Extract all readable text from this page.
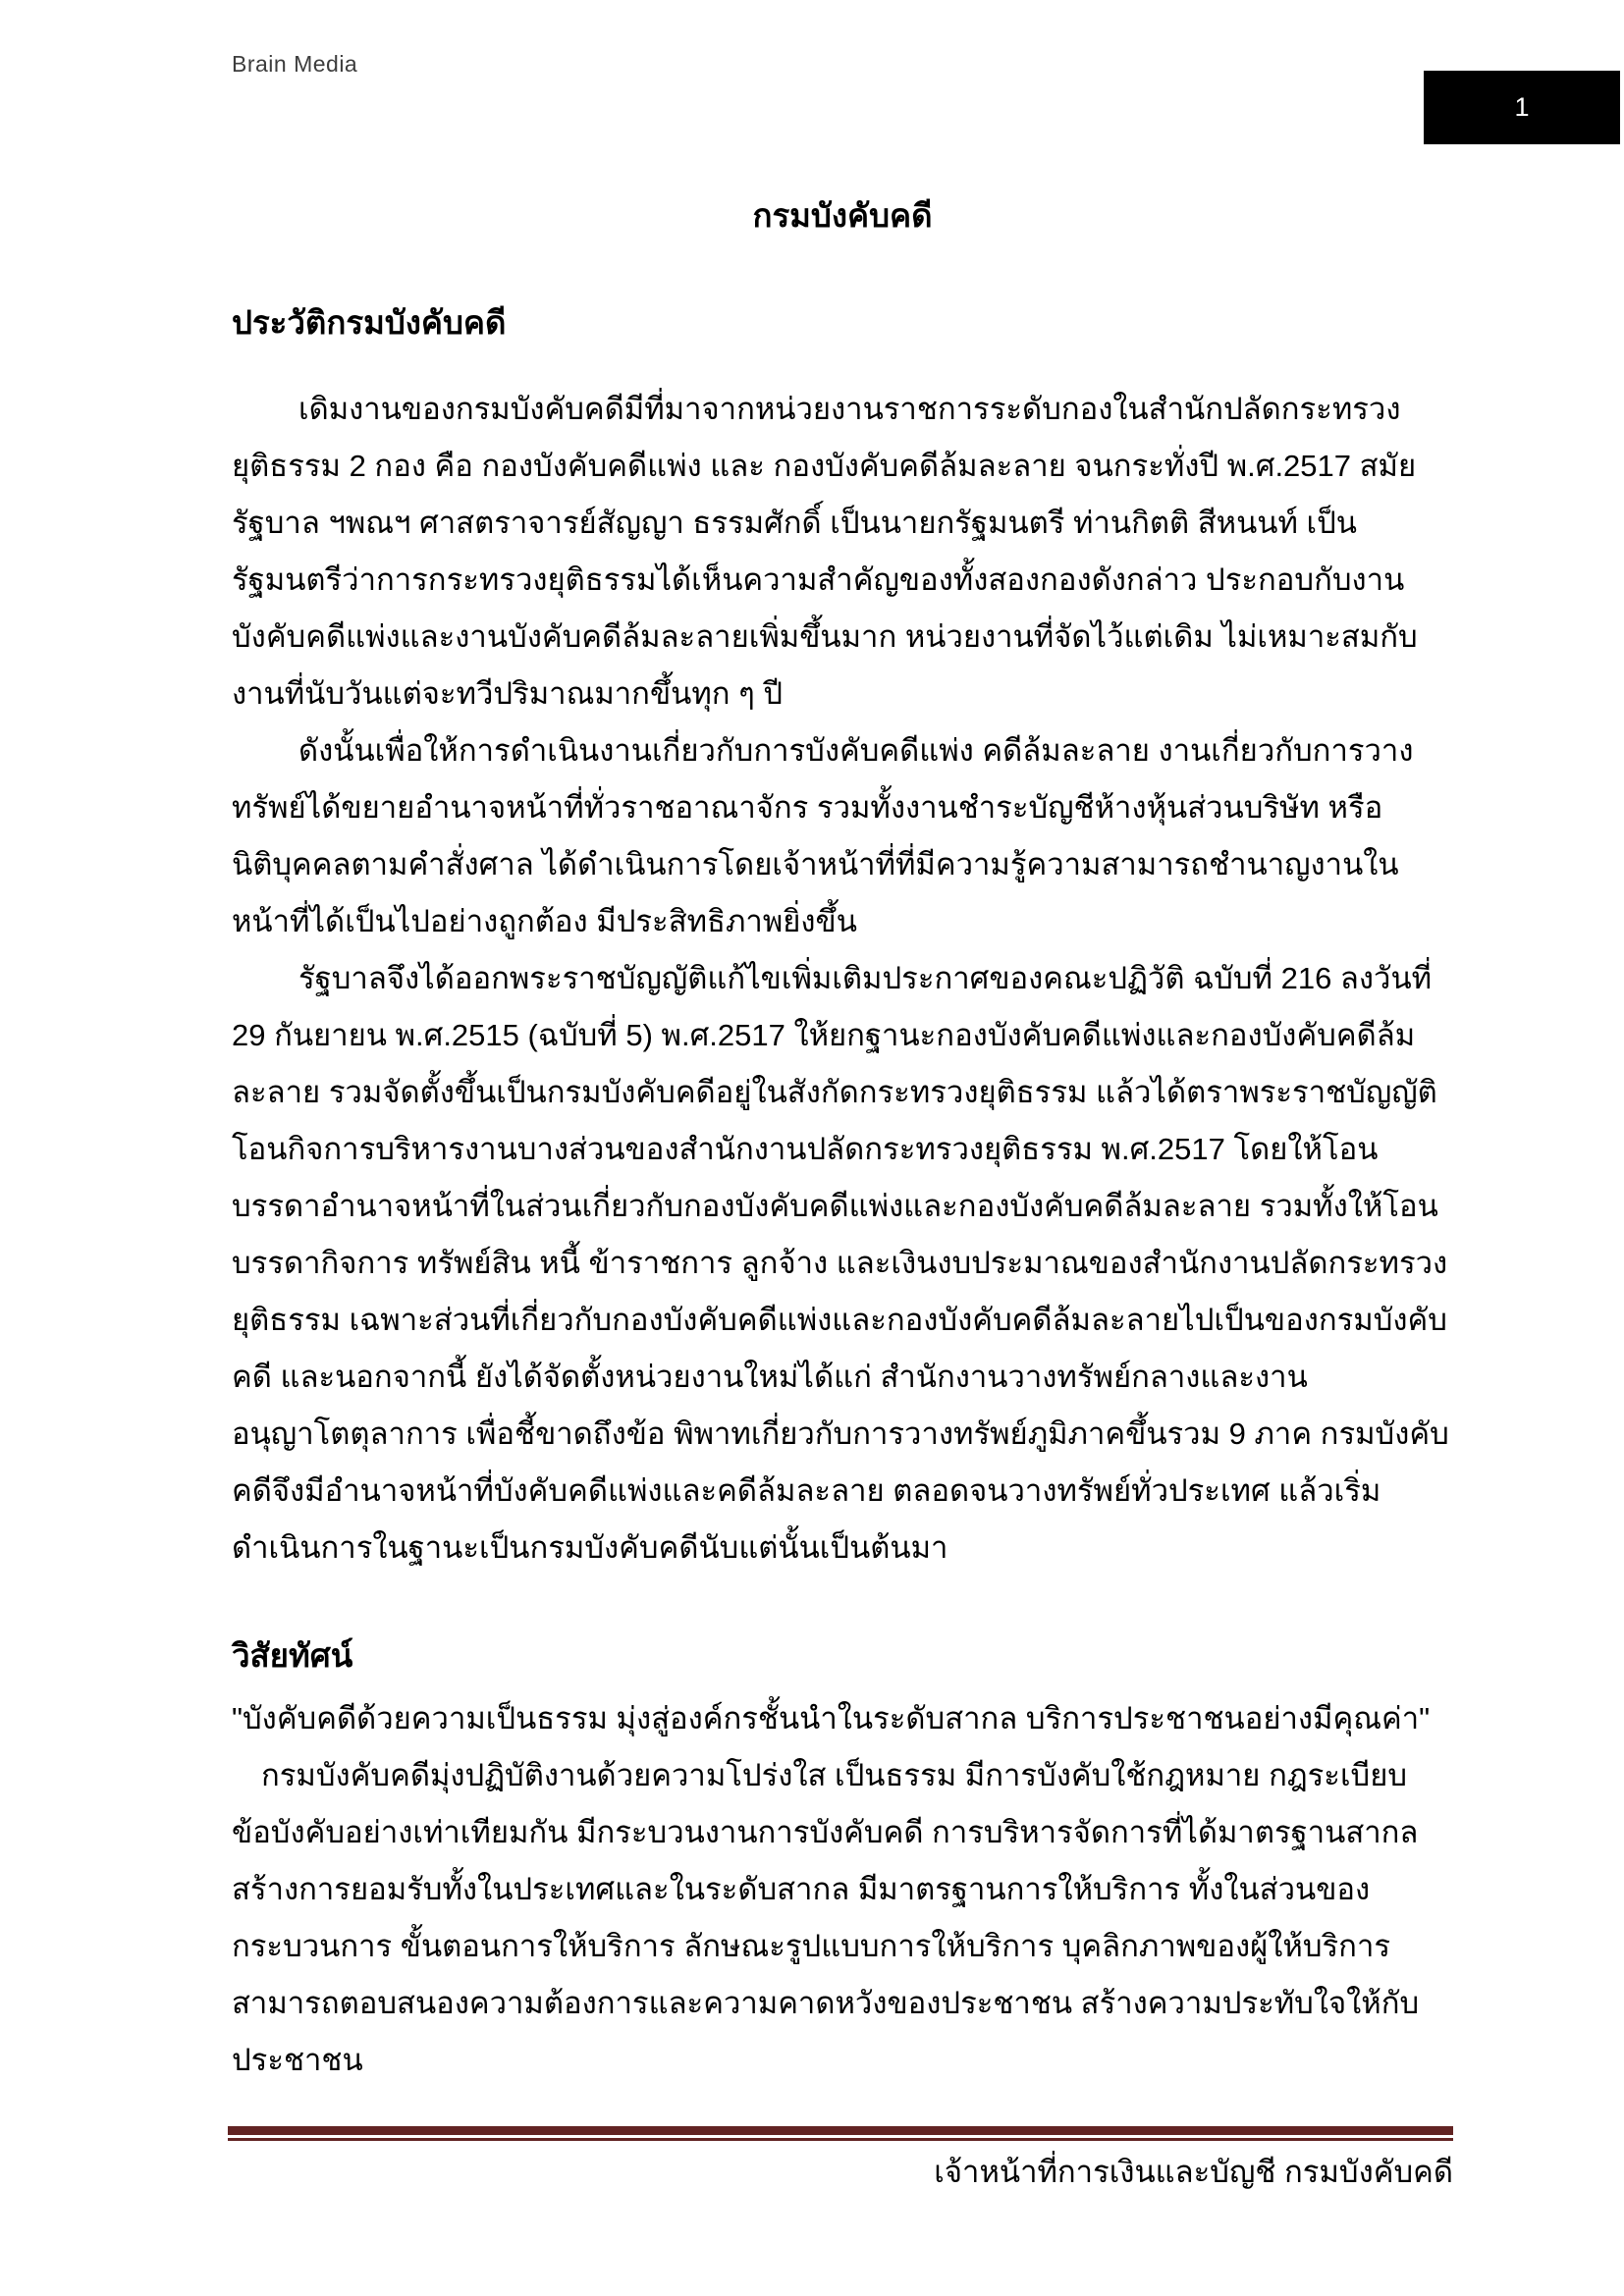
Brain Media
1
กรมบังคับคดี
ประวัติกรมบังคับคดี

เดิมงานของกรมบังคับคดีมีที่มาจากหน่วยงานราชการระดับกองในสำนักปลัดกระทรวงยุติธรรม 2 กอง คือ กองบังคับคดีแพ่ง และ กองบังคับคดีล้มละลาย จนกระทั่งปี พ.ศ.2517 สมัยรัฐบาล ฯพณฯ ศาสตราจารย์สัญญา ธรรมศักดิ์ เป็นนายกรัฐมนตรี ท่านกิตติ สีหนนท์ เป็นรัฐมนตรีว่าการกระทรวงยุติธรรมได้เห็นความสำคัญของทั้งสองกองดังกล่าว ประกอบกับงานบังคับคดีแพ่งและงานบังคับคดีล้มละลายเพิ่มขึ้นมาก หน่วยงานที่จัดไว้แต่เดิม ไม่เหมาะสมกับงานที่นับวันแต่จะทวีปริมาณมากขึ้นทุก ๆ ปี

ดังนั้นเพื่อให้การดำเนินงานเกี่ยวกับการบังคับคดีแพ่ง คดีล้มละลาย งานเกี่ยวกับการวางทรัพย์ได้ขยายอำนาจหน้าที่ทั่วราชอาณาจักร รวมทั้งงานชำระบัญชีห้างหุ้นส่วนบริษัท หรือ นิติบุคคลตามคำสั่งศาล ได้ดำเนินการโดยเจ้าหน้าที่ที่มีความรู้ความสามารถชำนาญงานในหน้าที่ได้เป็นไปอย่างถูกต้อง มีประสิทธิภาพยิ่งขึ้น

รัฐบาลจึงได้ออกพระราชบัญญัติแก้ไขเพิ่มเติมประกาศของคณะปฏิวัติ ฉบับที่ 216 ลงวันที่ 29 กันยายน พ.ศ.2515 (ฉบับที่ 5) พ.ศ.2517 ให้ยกฐานะกองบังคับคดีแพ่งและกองบังคับคดีล้มละลาย รวมจัดตั้งขึ้นเป็นกรมบังคับคดีอยู่ในสังกัดกระทรวงยุติธรรม แล้วได้ตราพระราชบัญญัติโอนกิจการบริหารงานบางส่วนของสำนักงานปลัดกระทรวงยุติธรรม พ.ศ.2517 โดยให้โอนบรรดาอำนาจหน้าที่ในส่วนเกี่ยวกับกองบังคับคดีแพ่งและกองบังคับคดีล้มละลาย รวมทั้งให้โอนบรรดากิจการ ทรัพย์สิน หนี้ ข้าราชการ ลูกจ้าง และเงินงบประมาณของสำนักงานปลัดกระทรวงยุติธรรม เฉพาะส่วนที่เกี่ยวกับกองบังคับคดีแพ่งและกองบังคับคดีล้มละลายไปเป็นของกรมบังคับคดี และนอกจากนี้ ยังได้จัดตั้งหน่วยงานใหม่ได้แก่ สำนักงานวางทรัพย์กลางและงานอนุญาโตตุลาการ เพื่อชี้ขาดถึงข้อ พิพาทเกี่ยวกับการวางทรัพย์ภูมิภาคขึ้นรวม 9 ภาค กรมบังคับคดีจึงมีอำนาจหน้าที่บังคับคดีแพ่งและคดีล้มละลาย ตลอดจนวางทรัพย์ทั่วประเทศ แล้วเริ่มดำเนินการในฐานะเป็นกรมบังคับคดีนับแต่นั้นเป็นต้นมา

วิสัยทัศน์

"บังคับคดีด้วยความเป็นธรรม มุ่งสู่องค์กรชั้นนำในระดับสากล บริการประชาชนอย่างมีคุณค่า"

กรมบังคับคดีมุ่งปฏิบัติงานด้วยความโปร่งใส เป็นธรรม มีการบังคับใช้กฎหมาย กฎระเบียบ ข้อบังคับอย่างเท่าเทียมกัน มีกระบวนงานการบังคับคดี การบริหารจัดการที่ได้มาตรฐานสากล สร้างการยอมรับทั้งในประเทศและในระดับสากล มีมาตรฐานการให้บริการ ทั้งในส่วนของกระบวนการ ขั้นตอนการให้บริการ ลักษณะรูปแบบการให้บริการ บุคลิกภาพของผู้ให้บริการ สามารถตอบสนองความต้องการและความคาดหวังของประชาชน สร้างความประทับใจให้กับประชาชน

เจ้าหน้าที่การเงินและบัญชี กรมบังคับคดี
